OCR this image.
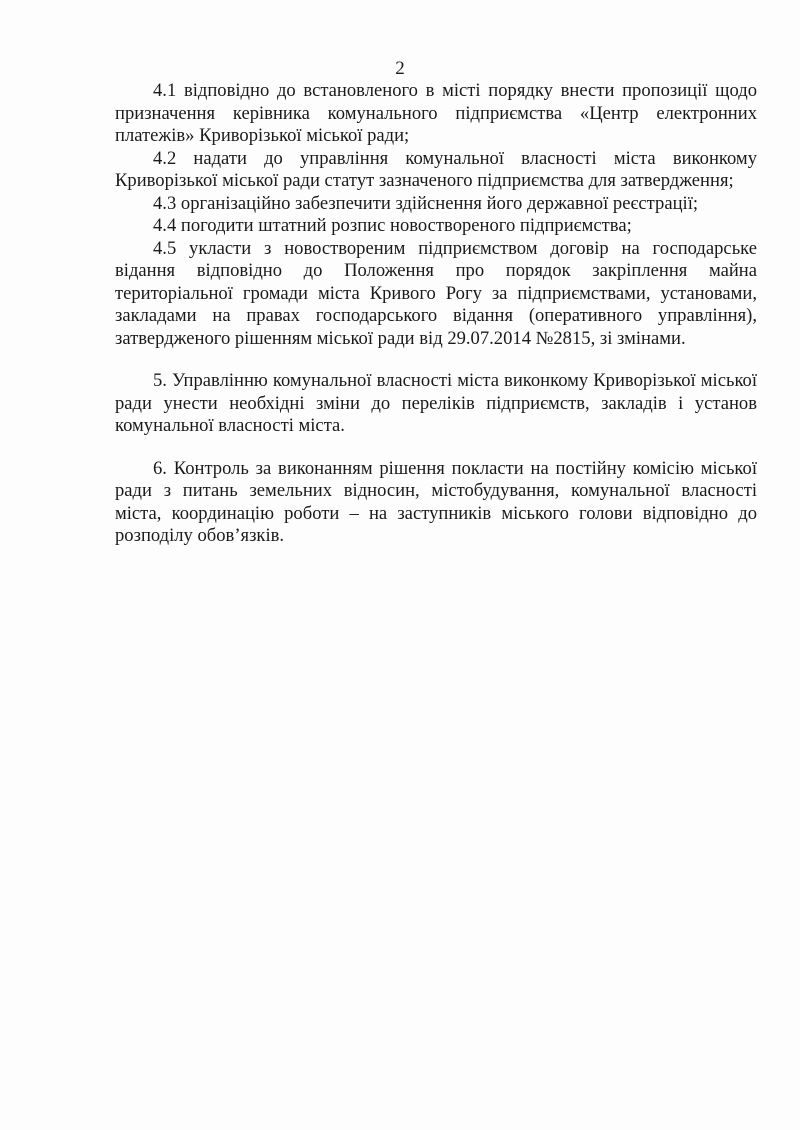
2

4.1 відповідно до встановленого в місті порядку внести пропозиції щодо призначення керівника комунального підприємства «Центр електронних платежів» Криворізької міської ради;

4.2 надати до управління комунальної власності міста виконкому Криворізької міської ради статут зазначеного підприємства для затвердження;

4.3 організаційно забезпечити здійснення його державної реєстрації;

4.4 погодити штатний розпис новоствореного підприємства;

4.5 укласти з новоствореним підприємством договір на господарське відання відповідно до Положення про порядок закріплення майна територіальної громади міста Кривого Рогу за підприємствами, установами, закладами на правах господарського відання (оперативного управління), затвердженого рішенням міської ради від 29.07.2014 №2815, зі змінами.

5. Управлінню комунальної власності міста виконкому Криворізької міської ради унести необхідні зміни до переліків підприємств, закладів і установ комунальної власності міста.

6. Контроль за виконанням рішення покласти на постійну комісію міської ради з питань земельних відносин, містобудування, комунальної власності міста, координацію роботи – на заступників міського голови відповідно до розподілу обов’язків.
